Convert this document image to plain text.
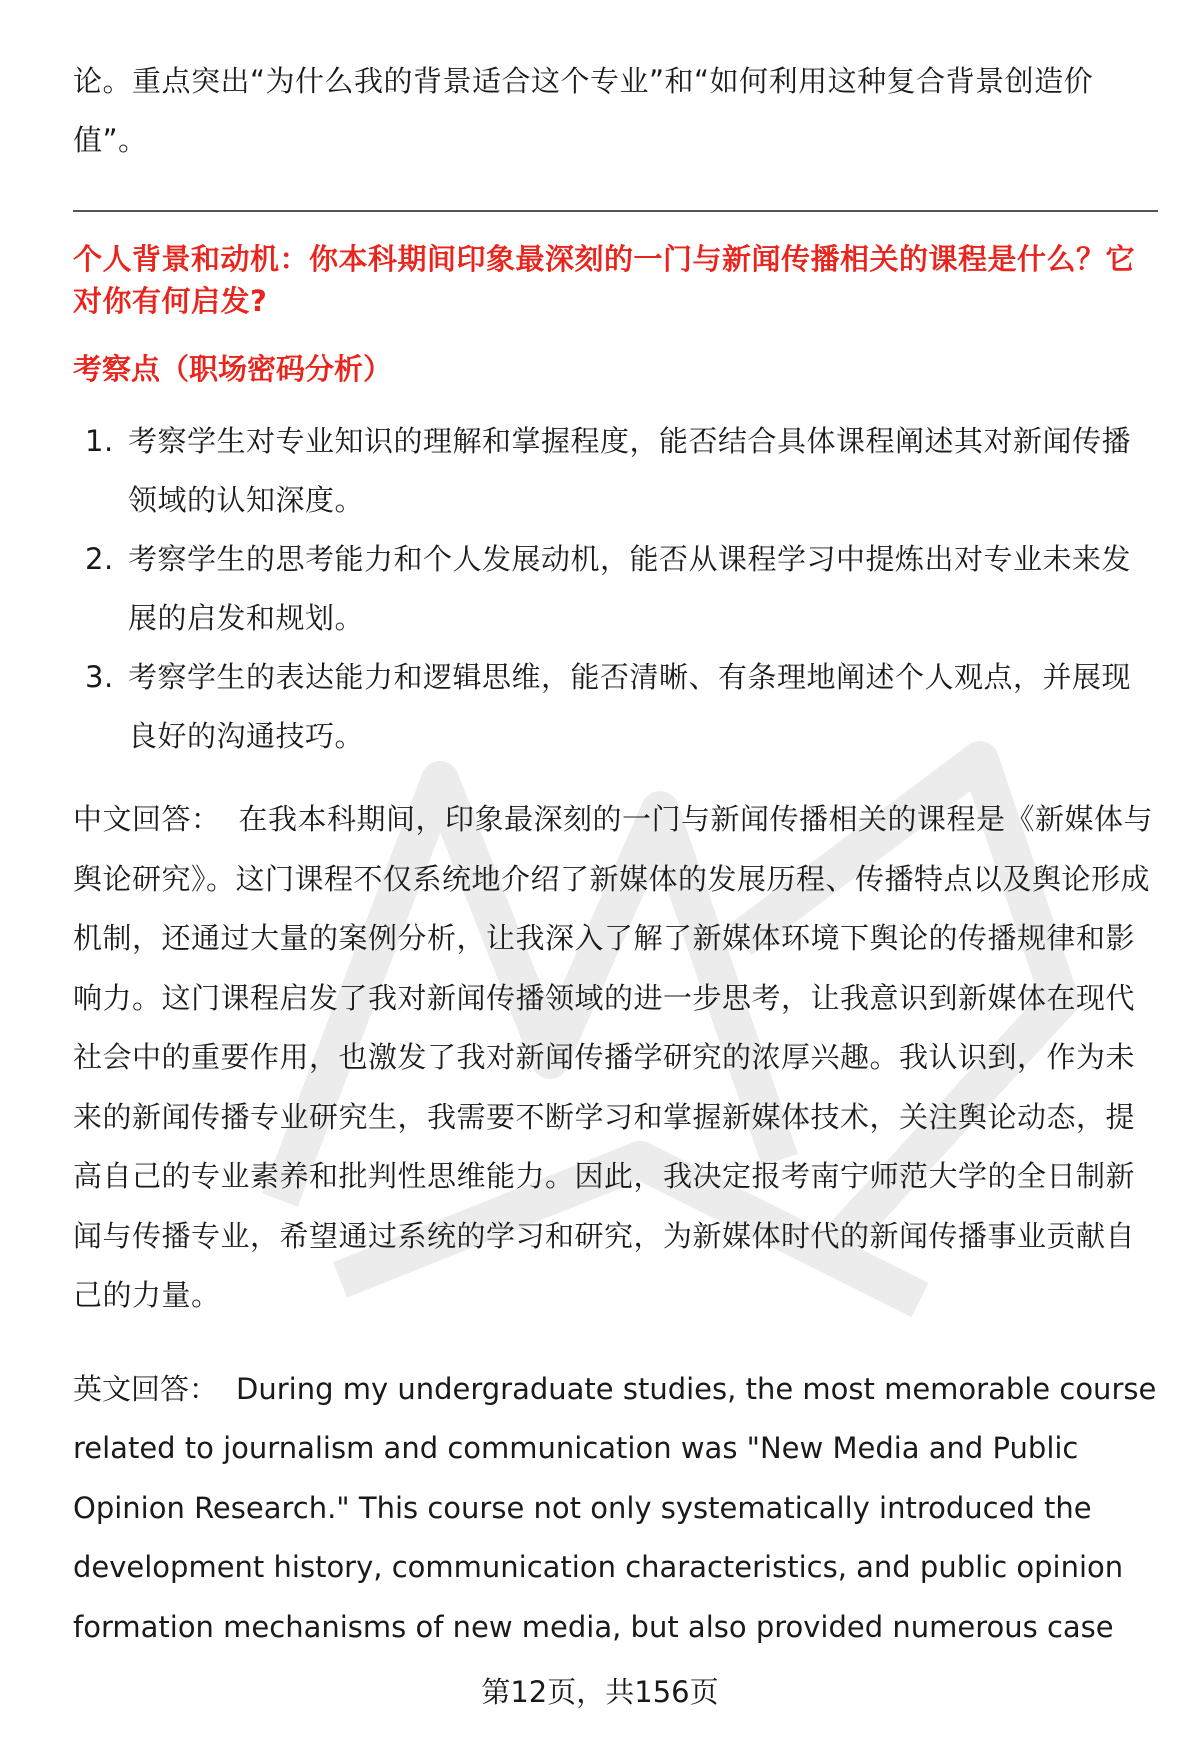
论。重点突出“为什么我的背景适合这个专业”和“如何利用这种复合背景创造价值”。

个人背景和动机：你本科期间印象最深刻的一门与新闻传播相关的课程是什么？它对你有何启发?

考察点（职场密码分析）

1. 考察学生对专业知识的理解和掌握程度，能否结合具体课程阐述其对新闻传播领域的认知深度。
2. 考察学生的思考能力和个人发展动机，能否从课程学习中提炼出对专业未来发展的启发和规划。
3. 考察学生的表达能力和逻辑思维，能否清晰、有条理地阐述个人观点，并展现良好的沟通技巧。

中文回答： 在我本科期间，印象最深刻的一门与新闻传播相关的课程是《新媒体与舆论研究》。这门课程不仅系统地介绍了新媒体的发展历程、传播特点以及舆论形成机制，还通过大量的案例分析，让我深入了解了新媒体环境下舆论的传播规律和影响力。这门课程启发了我对新闻传播领域的进一步思考，让我意识到新媒体在现代社会中的重要作用，也激发了我对新闻传播学研究的浓厚兴趣。我认识到，作为未来的新闻传播专业研究生，我需要不断学习和掌握新媒体技术，关注舆论动态，提高自己的专业素养和批判性思维能力。因此，我决定报考南宁师范大学的全日制新闻与传播专业，希望通过系统的学习和研究，为新媒体时代的新闻传播事业贡献自己的力量。

英文回答： During my undergraduate studies, the most memorable course related to journalism and communication was "New Media and Public Opinion Research." This course not only systematically introduced the development history, communication characteristics, and public opinion formation mechanisms of new media, but also provided numerous case

第12页，共156页
